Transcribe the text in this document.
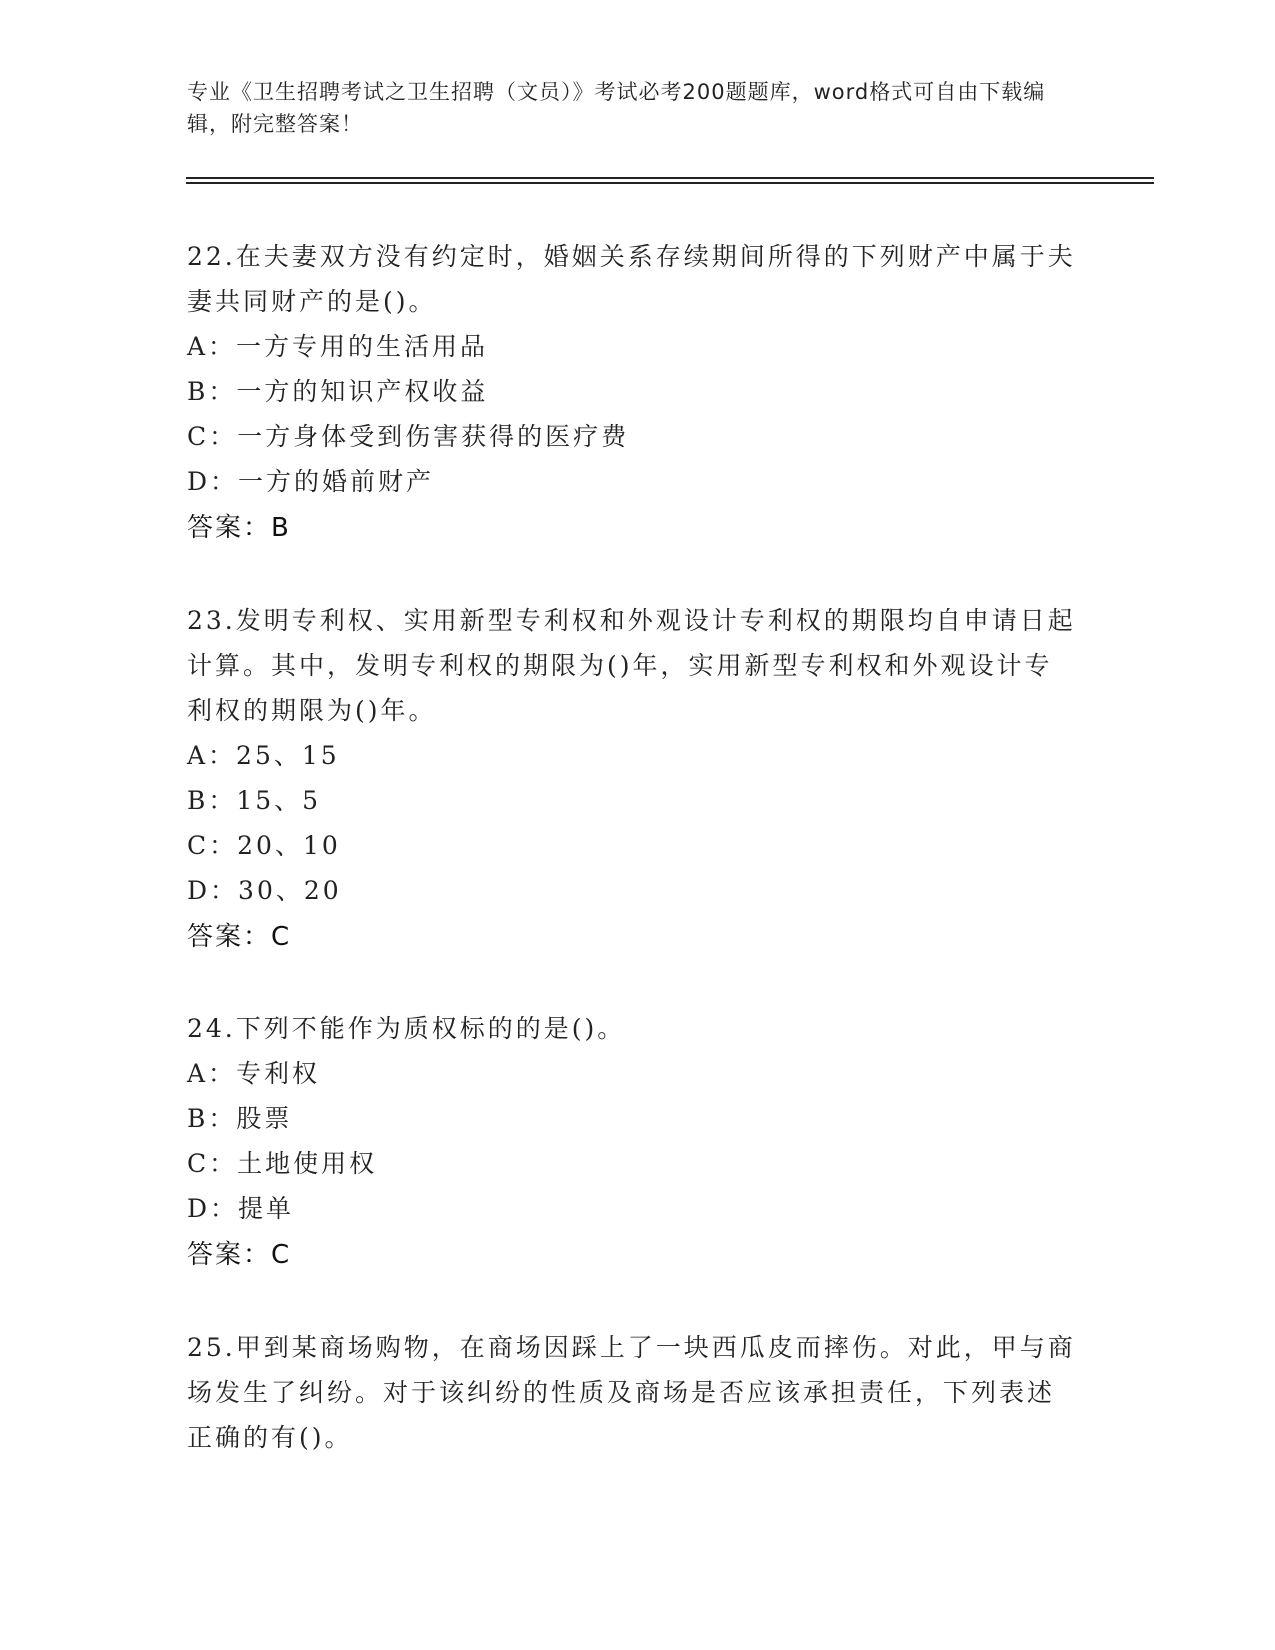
专业《卫生招聘考试之卫生招聘（文员）》考试必考200题题库，word格式可自由下载编辑，附完整答案！

22.在夫妻双方没有约定时，婚姻关系存续期间所得的下列财产中属于夫妻共同财产的是()。

A：一方专用的生活用品

B：一方的知识产权收益

C：一方身体受到伤害获得的医疗费

D：一方的婚前财产

答案：B

23.发明专利权、实用新型专利权和外观设计专利权的期限均自申请日起计算。其中，发明专利权的期限为()年，实用新型专利权和外观设计专利权的期限为()年。

A：25、15

B：15、5

C：20、10

D：30、20

答案：C

24.下列不能作为质权标的的是()。

A：专利权

B：股票

C：土地使用权

D：提单

答案：C

25.甲到某商场购物，在商场因踩上了一块西瓜皮而摔伤。对此，甲与商场发生了纠纷。对于该纠纷的性质及商场是否应该承担责任，下列表述正确的有()。
